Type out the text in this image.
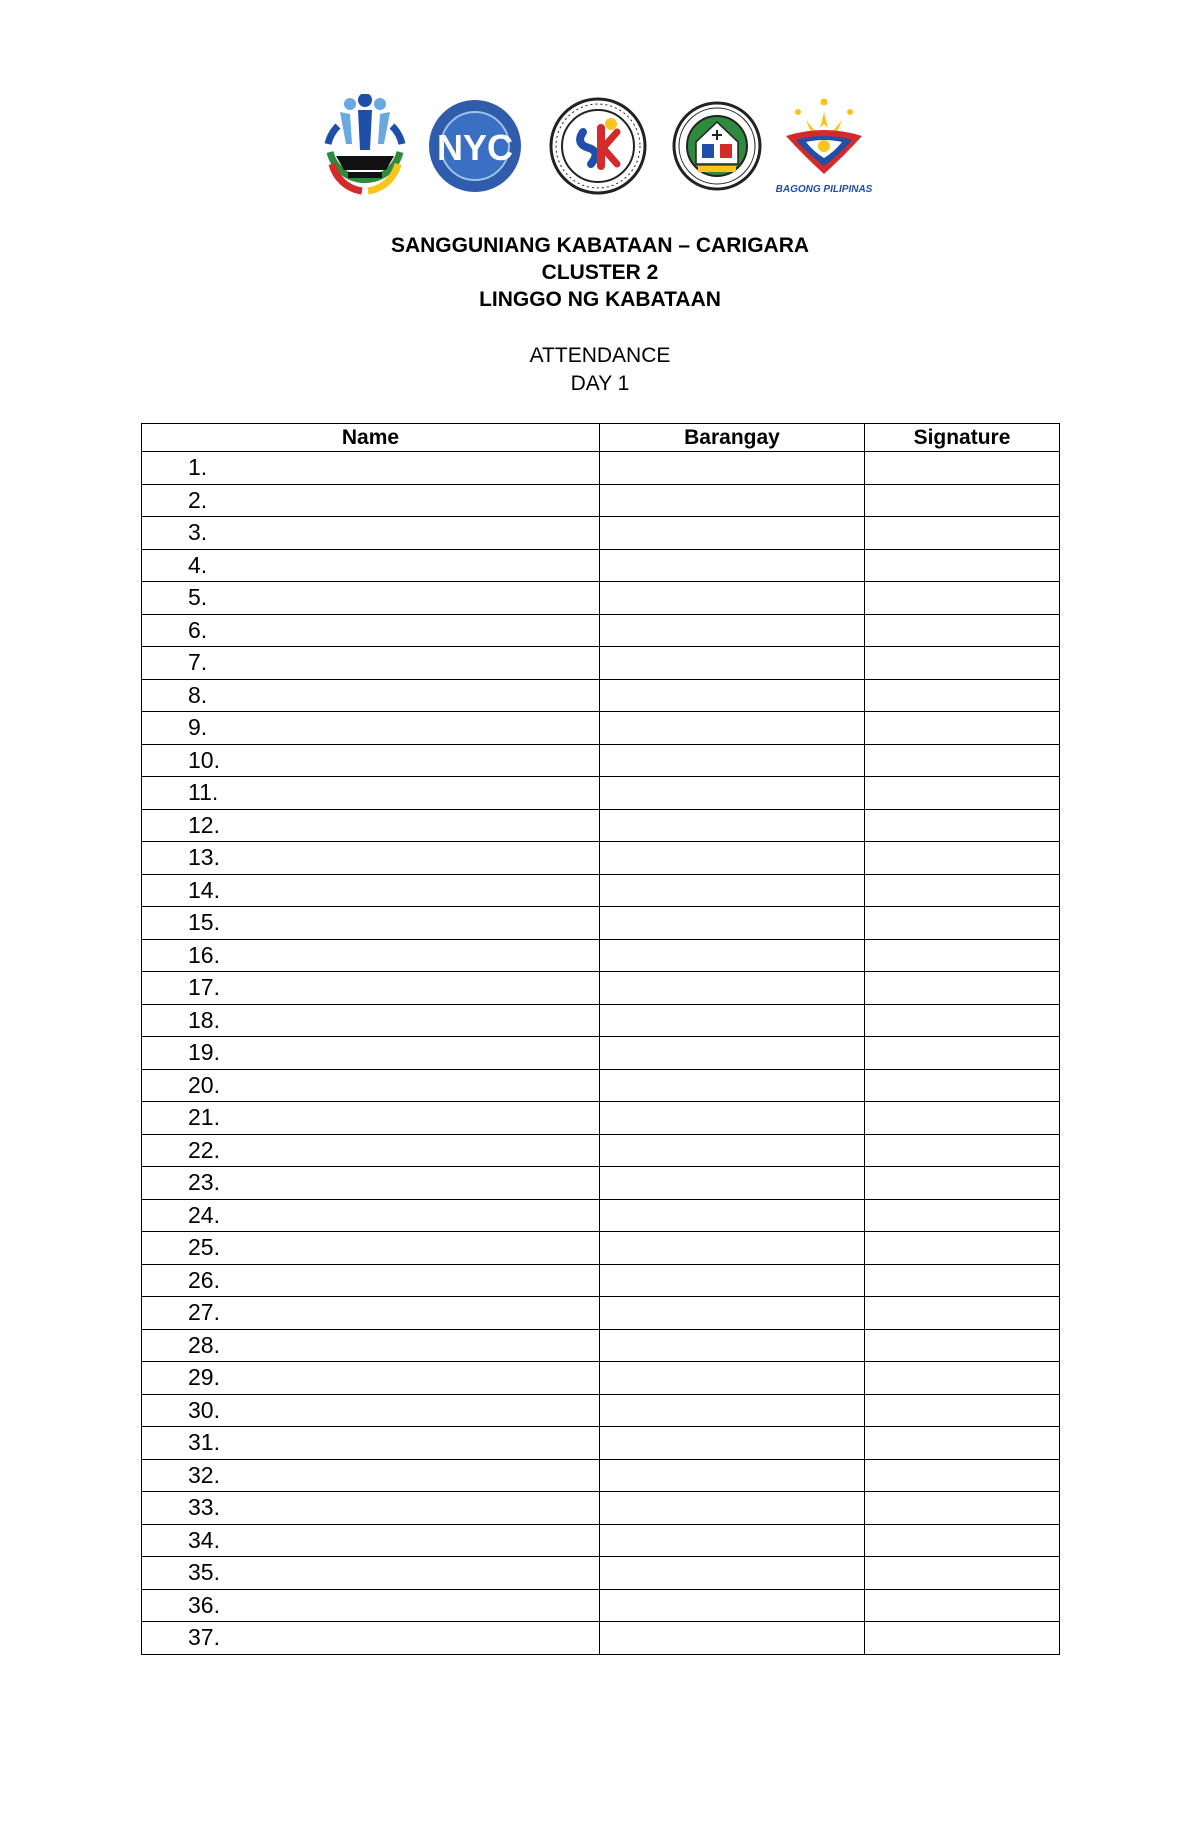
NYC
BAGONG PILIPINAS
SANGGUNIANG KABATAAN – CARIGARA
CLUSTER 2
LINGGO NG KABATAAN
ATTENDANCE
DAY 1
Name	Barangay	Signature
1.		
2.		
3.		
4.		
5.		
6.		
7.		
8.		
9.		
10.		
11.		
12.		
13.		
14.		
15.		
16.		
17.		
18.		
19.		
20.		
21.		
22.		
23.		
24.		
25.		
26.		
27.		
28.		
29.		
30.		
31.		
32.		
33.		
34.		
35.		
36.		
37.		
